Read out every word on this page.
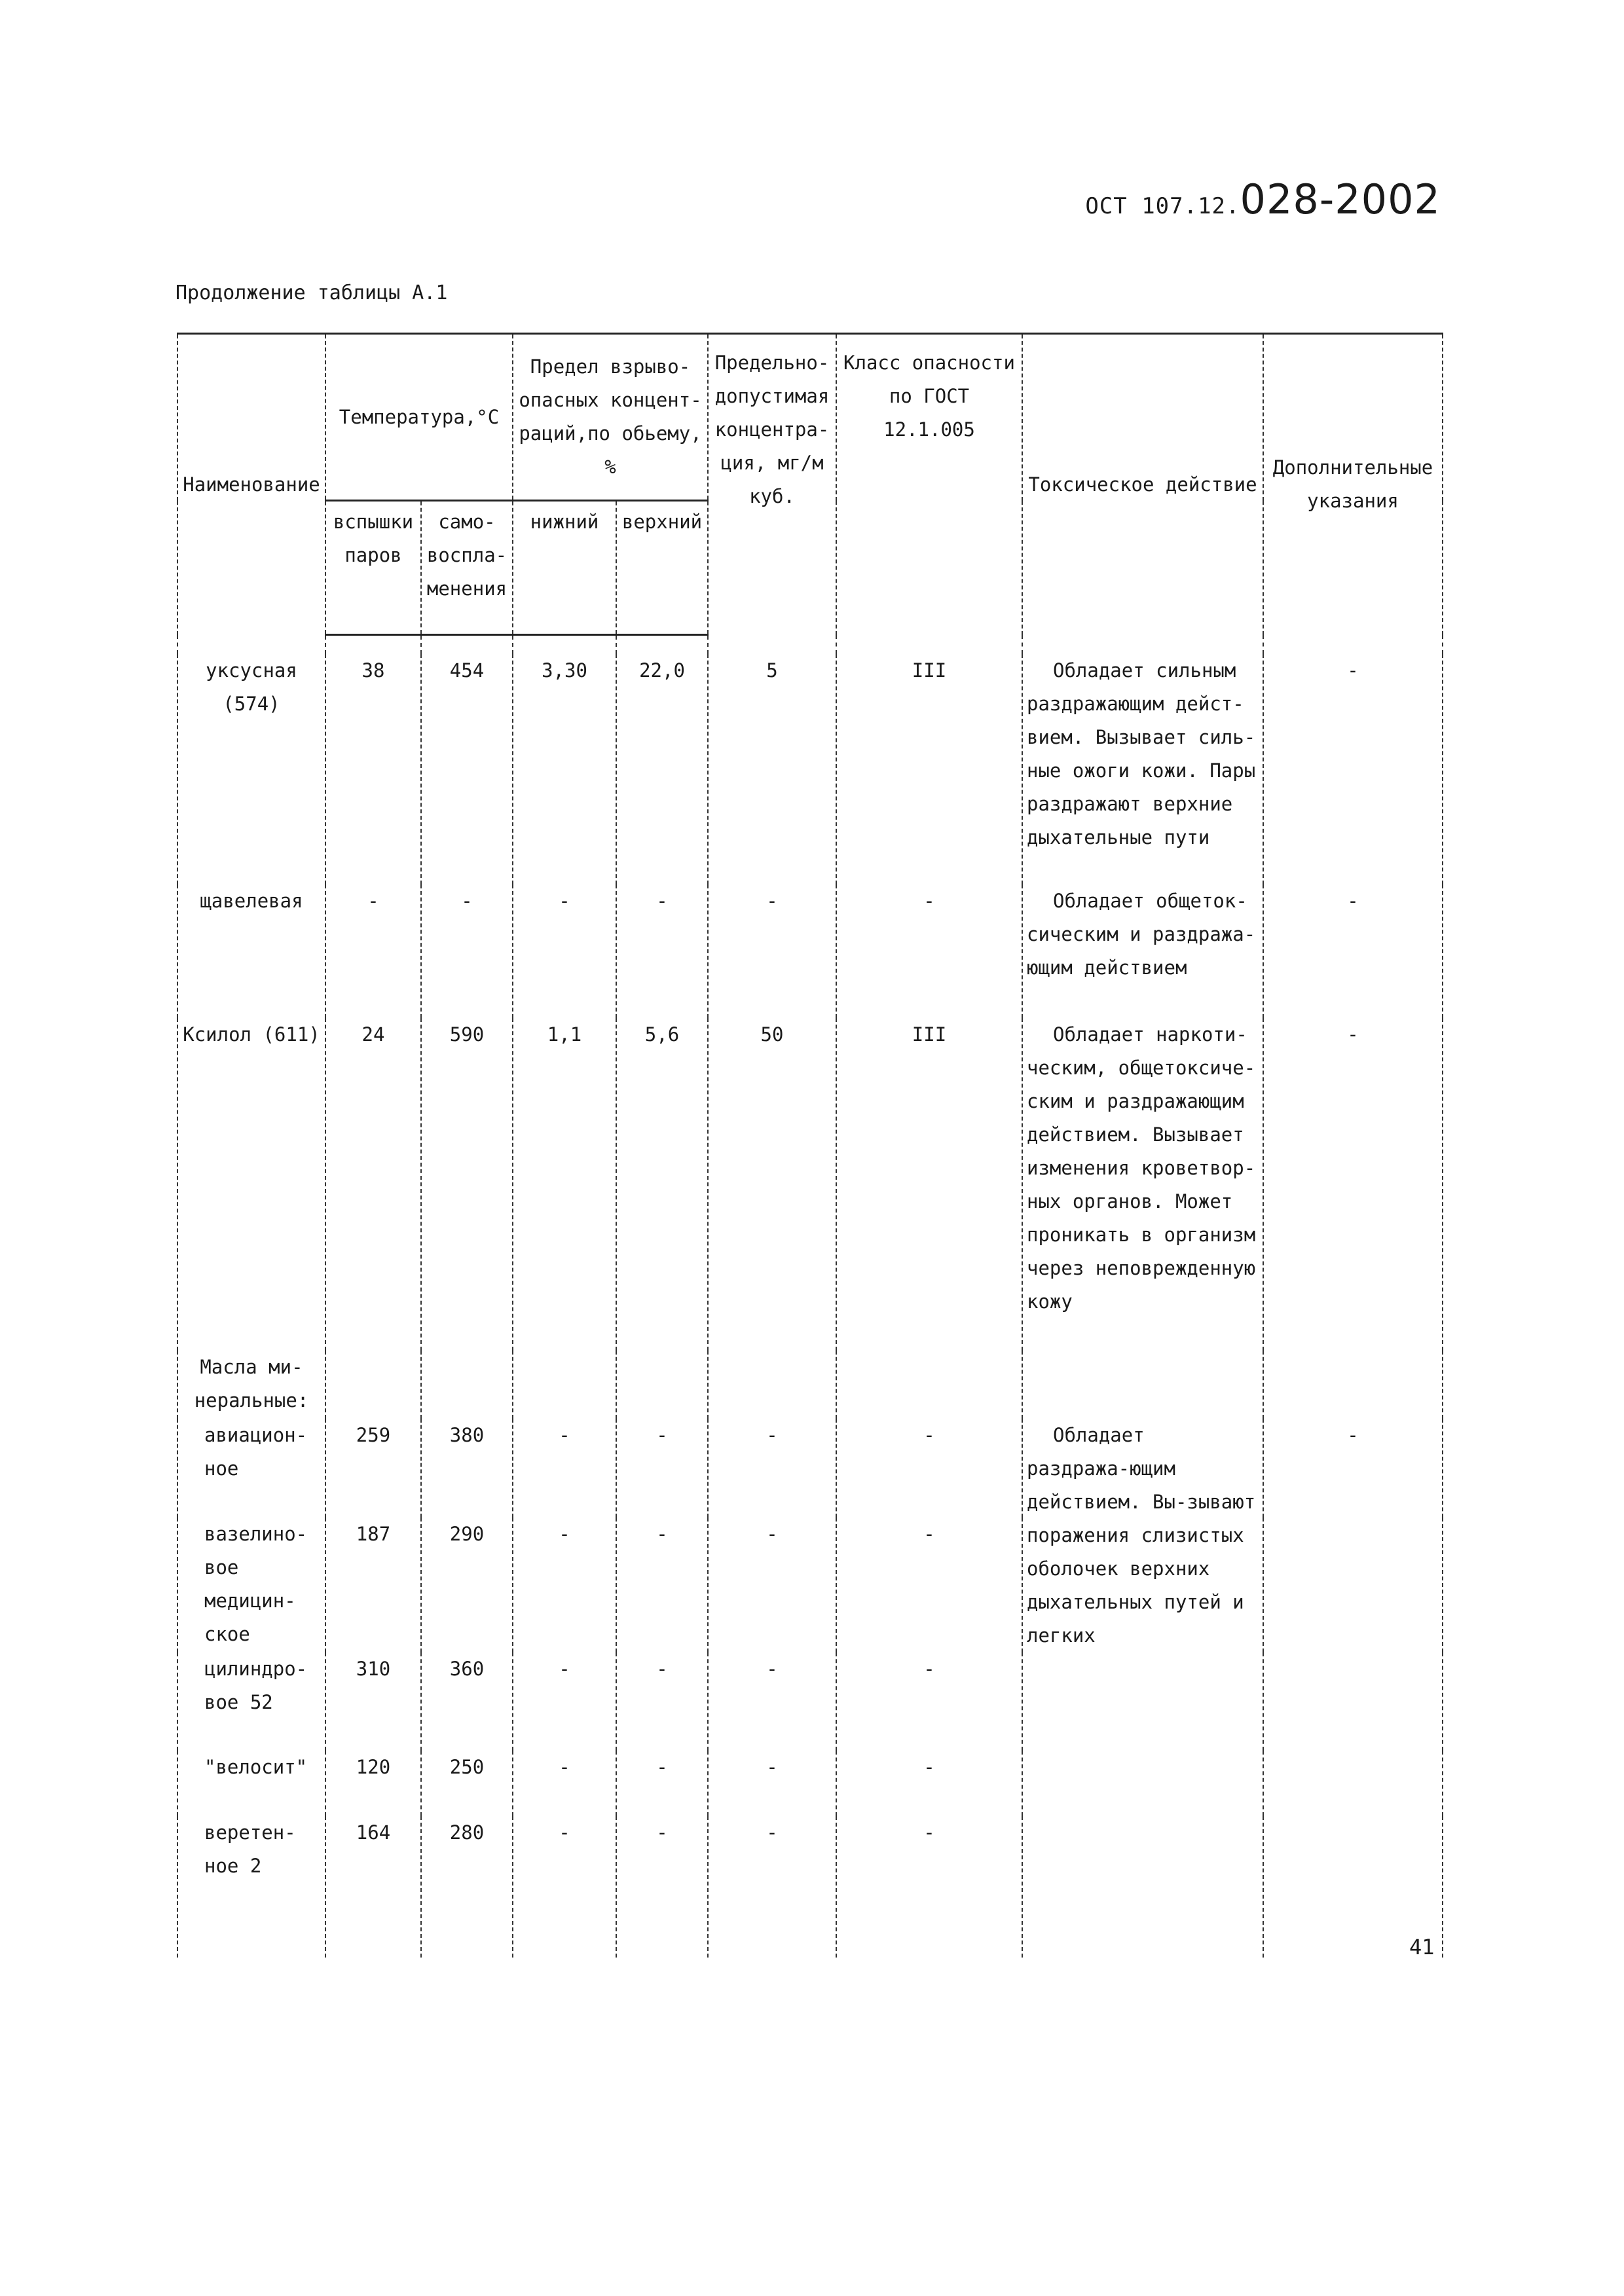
ОСТ 107.12.028-2002
Продолжение таблицы А.1
Наименование	Температура,°С		Предел взрыво-опасных концент-раций,по обьему, %		Предельно-допустимая концентра-ция, мг/м куб.	Класс опасности по ГОСТ 12.1.005	Токсическое действие	Дополнительные указания
	вспышки паров	само-воспла-менения	нижний	верхний				

уксусная (574)	38	454	3,30	22,0	5	III	Обладает сильным раздражающим дейст-вием. Вызывает силь-ные ожоги кожи. Пары раздражают верхние дыхательные пути	-
щавелевая	-	-	-	-	-	-	Обладает общеток-сическим и раздража-ющим действием	-
Ксилол (611)	24	590	1,1	5,6	50	III	Обладает наркоти-ческим, общетоксиче-ским и раздражающим действием. Вызывает изменения кроветвор-ных органов. Может проникать в организм через неповрежденную кожу	-
Масла ми-неральные:								
авиацион-ное	259	380	-	-	-	-	Обладает раздража-ющим действием. Вы-зывают поражения слизистых оболочек верхних дыхательных путей и легких	-
вазелино-вое медицин-ское	187	290	-	-	-	-		
цилиндро-вое 52	310	360	-	-	-	-		
"велосит"	120	250	-	-	-	-		
веретен-ное 2	164	280	-	-	-	-		
41
